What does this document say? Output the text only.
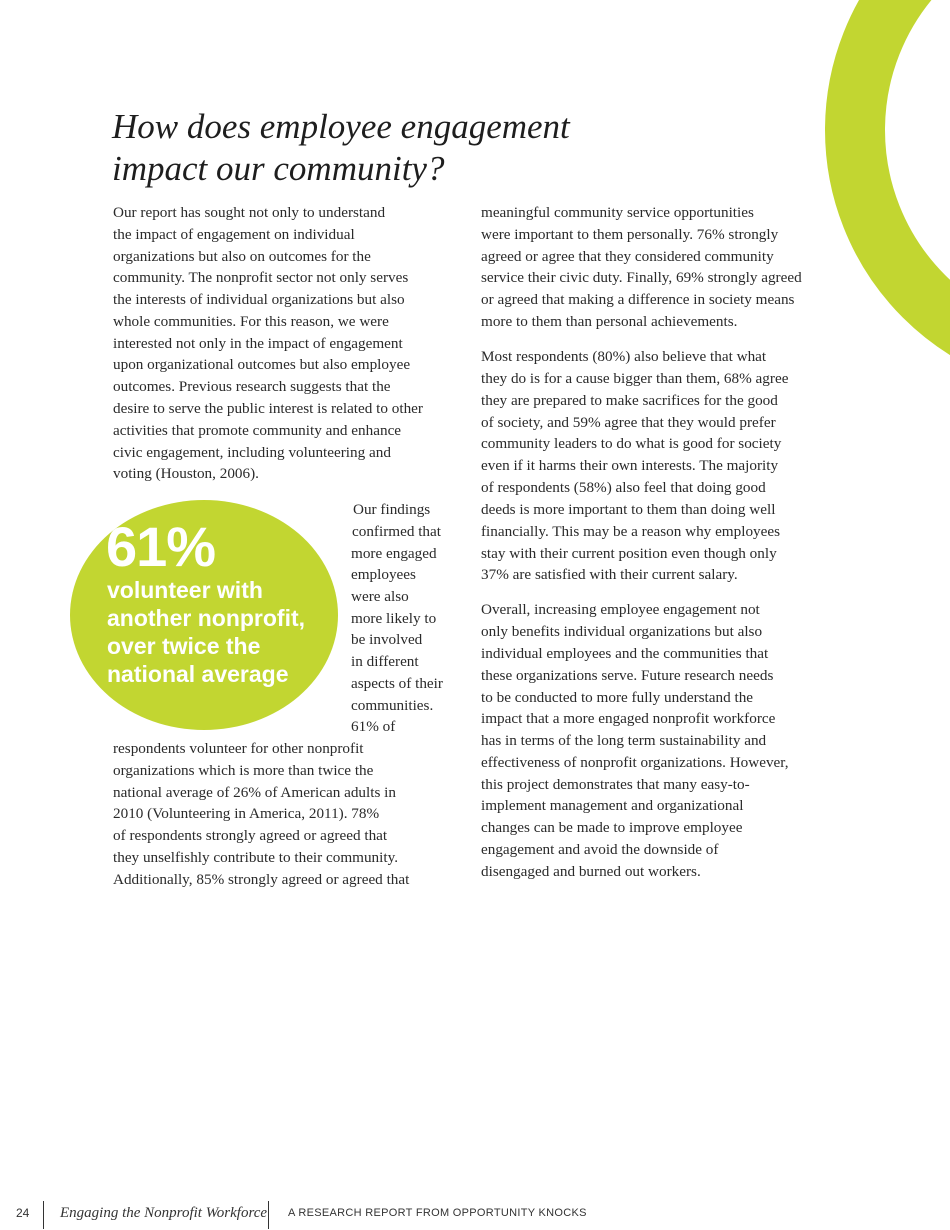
How does employee engagement
impact our community?
Our report has sought not only to understand
the impact of engagement on individual
organizations but also on outcomes for the
community. The nonprofit sector not only serves
the interests of individual organizations but also
whole communities. For this reason, we were
interested not only in the impact of engagement
upon organizational outcomes but also employee
outcomes. Previous research suggests that the
desire to serve the public interest is related to other
activities that promote community and enhance
civic engagement, including volunteering and
voting (Houston, 2006).
61%
volunteer with
another nonprofit,
over twice the
national average
Our findings
confirmed that
more engaged
employees
were also
more likely to
be involved
in different
aspects of their
communities.
61% of
respondents volunteer for other nonprofit
organizations which is more than twice the
national average of 26% of American adults in
2010 (Volunteering in America, 2011). 78%
of respondents strongly agreed or agreed that
they unselfishly contribute to their community.
Additionally, 85% strongly agreed or agreed that
meaningful community service opportunities
were important to them personally. 76% strongly
agreed or agree that they considered community
service their civic duty. Finally, 69% strongly agreed
or agreed that making a difference in society means
more to them than personal achievements.
Most respondents (80%) also believe that what
they do is for a cause bigger than them, 68% agree
they are prepared to make sacrifices for the good
of society, and 59% agree that they would prefer
community leaders to do what is good for society
even if it harms their own interests. The majority
of respondents (58%) also feel that doing good
deeds is more important to them than doing well
financially. This may be a reason why employees
stay with their current position even though only
37% are satisfied with their current salary.
Overall, increasing employee engagement not
only benefits individual organizations but also
individual employees and the communities that
these organizations serve. Future research needs
to be conducted to more fully understand the
impact that a more engaged nonprofit workforce
has in terms of the long term sustainability and
effectiveness of nonprofit organizations. However,
this project demonstrates that many easy-to-
implement management and organizational
changes can be made to improve employee
engagement and avoid the downside of
disengaged and burned out workers.
24 Engaging the Nonprofit Workforce A RESEARCH REPORT FROM OPPORTUNITY KNOCKS
